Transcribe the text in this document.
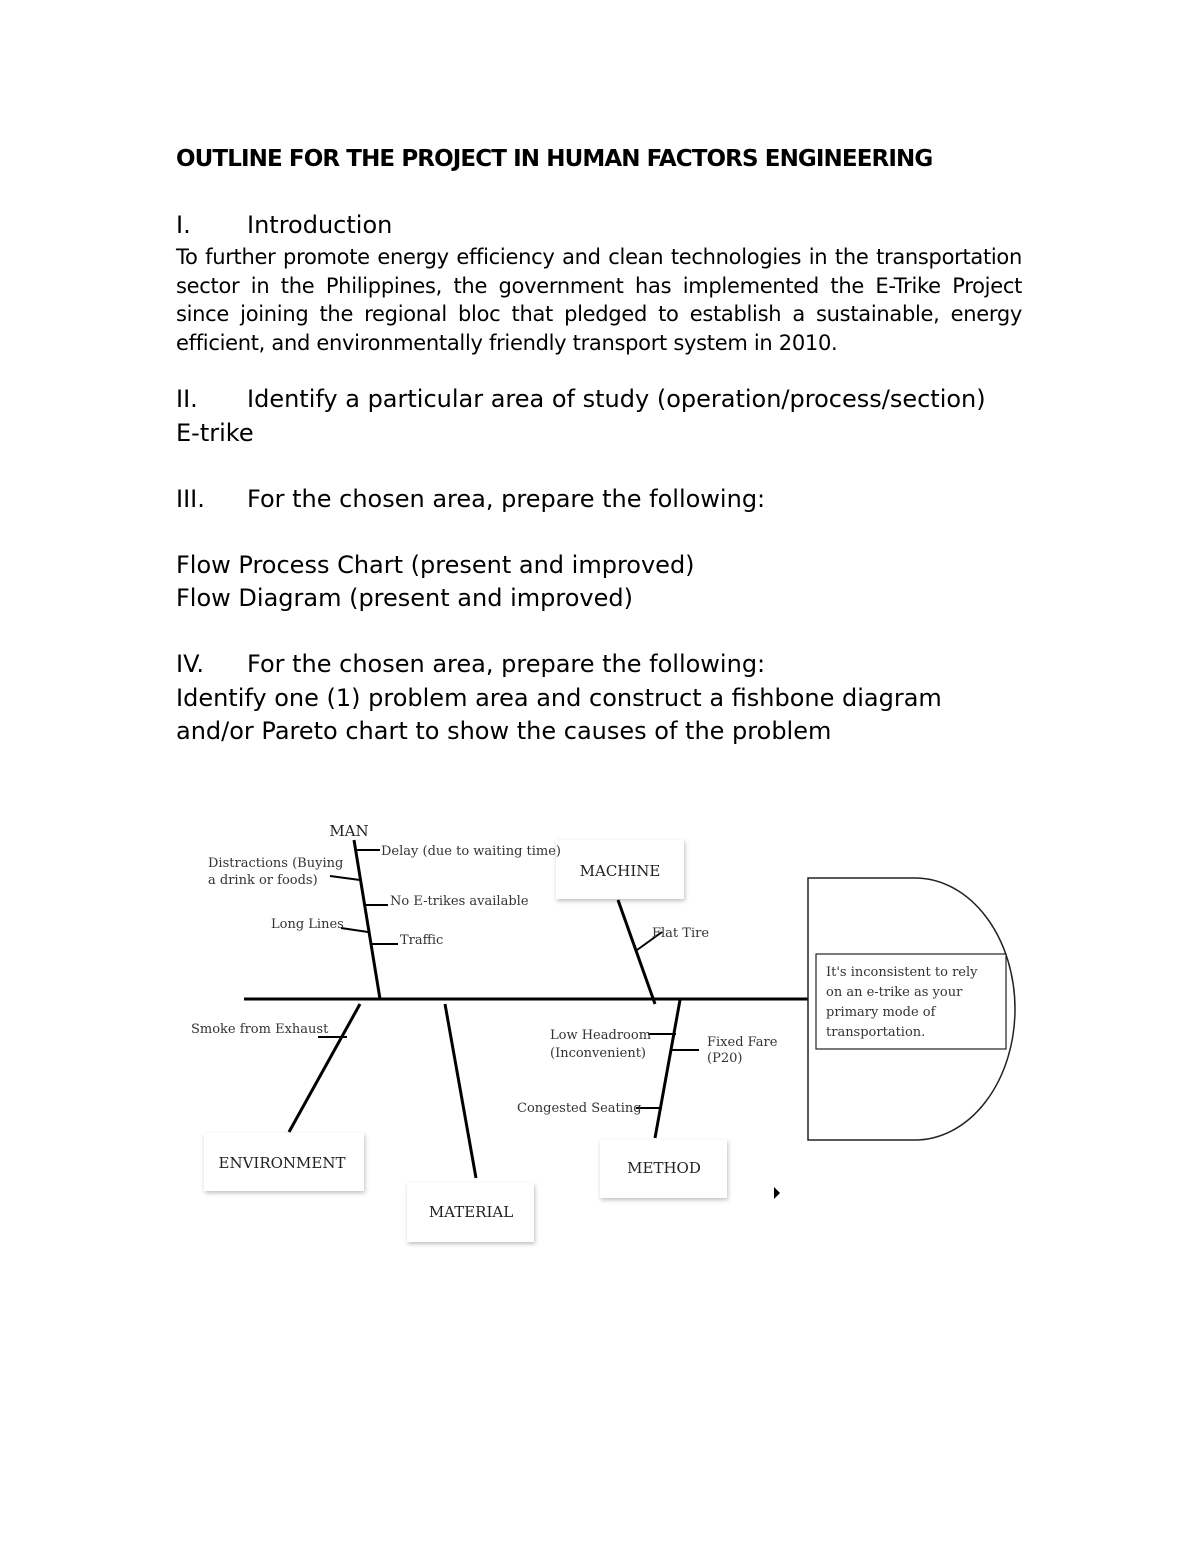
OUTLINE FOR THE PROJECT IN HUMAN FACTORS ENGINEERING
I. Introduction

To further promote energy efficiency and clean technologies in the transportation sector in the Philippines, the government has implemented the E-Trike Project since joining the regional bloc that pledged to establish a sustainable, energy efficient, and environmentally friendly transport system in 2010.

II. Identify a particular area of study (operation/process/section)

E-trike

III. For the chosen area, prepare the following:

Flow Process Chart (present and improved)

Flow Diagram (present and improved)

IV. For the chosen area, prepare the following:

Identify one (1) problem area and construct a fishbone diagram

and/or Pareto chart to show the causes of the problem

It's inconsistent to rely
on an e-trike as your
primary mode of
transportation.
MACHINE
ENVIRONMENT
MATERIAL
METHOD
MAN
Delay (due to waiting time)
Distractions (Buying
a drink or foods)
No E-trikes available
Long Lines
Traffic	Flat Tire
Smoke from Exhaust	Low Headroom
(Inconvenient)
Fixed Fare
(P20)
Congested Seating
